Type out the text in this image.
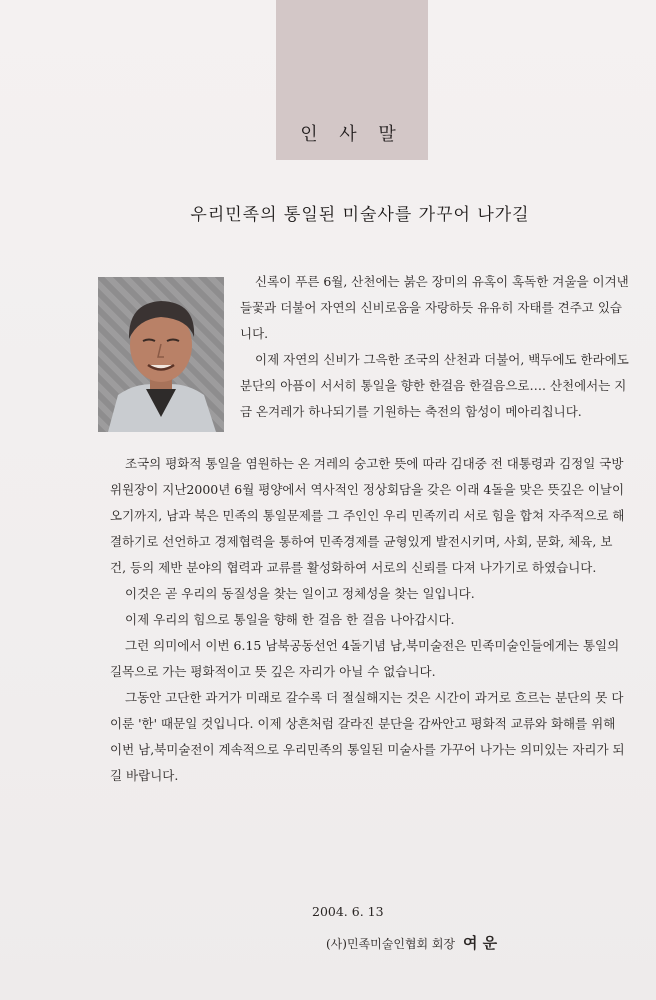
인 사 말
우리민족의 통일된 미술사를 가꾸어 나가길

신록이 푸른 6월, 산천에는 붉은 장미의 유혹이 혹독한 겨울을 이겨낸 들꽃과 더불어 자연의 신비로움을 자랑하듯 유유히 자태를 견주고 있습니다.

이제 자연의 신비가 그윽한 조국의 산천과 더불어, 백두에도 한라에도 분단의 아픔이 서서히 통일을 향한 한걸음 한걸음으로…. 산천에서는 지금 온겨레가 하나되기를 기원하는 축전의 함성이 메아리칩니다.

조국의 평화적 통일을 염원하는 온 겨레의 숭고한 뜻에 따라 김대중 전 대통령과 김정일 국방위원장이 지난2000년 6월 평양에서 역사적인 정상회담을 갖은 이래 4돌을 맞은 뜻깊은 이날이 오기까지, 남과 북은 민족의 통일문제를 그 주인인 우리 민족끼리 서로 힘을 합쳐 자주적으로 해결하기로 선언하고 경제협력을 통하여 민족경제를 균형있게 발전시키며, 사회, 문화, 체육, 보건, 등의 제반 분야의 협력과 교류를 활성화하여 서로의 신뢰를 다져 나가기로 하였습니다.

이것은 곧 우리의 동질성을 찾는 일이고 정체성을 찾는 일입니다.

이제 우리의 힘으로 통일을 향해 한 걸음 한 걸음 나아갑시다.

그런 의미에서 이번 6.15 남북공동선언 4돌기념 남,북미술전은 민족미술인들에게는 통일의 길목으로 가는 평화적이고 뜻 깊은 자리가 아닐 수 없습니다.

그동안 고단한 과거가 미래로 갈수록 더 절실해지는 것은 시간이 과거로 흐르는 분단의 못 다 이룬 '한' 때문일 것입니다. 이제 상흔처럼 갈라진 분단을 감싸안고 평화적 교류와 화해를 위해 이번 남,북미술전이 계속적으로 우리민족의 통일된 미술사를 가꾸어 나가는 의미있는 자리가 되길 바랍니다.

2004. 6. 13
(사)민족미술인협회 회장 여 운
